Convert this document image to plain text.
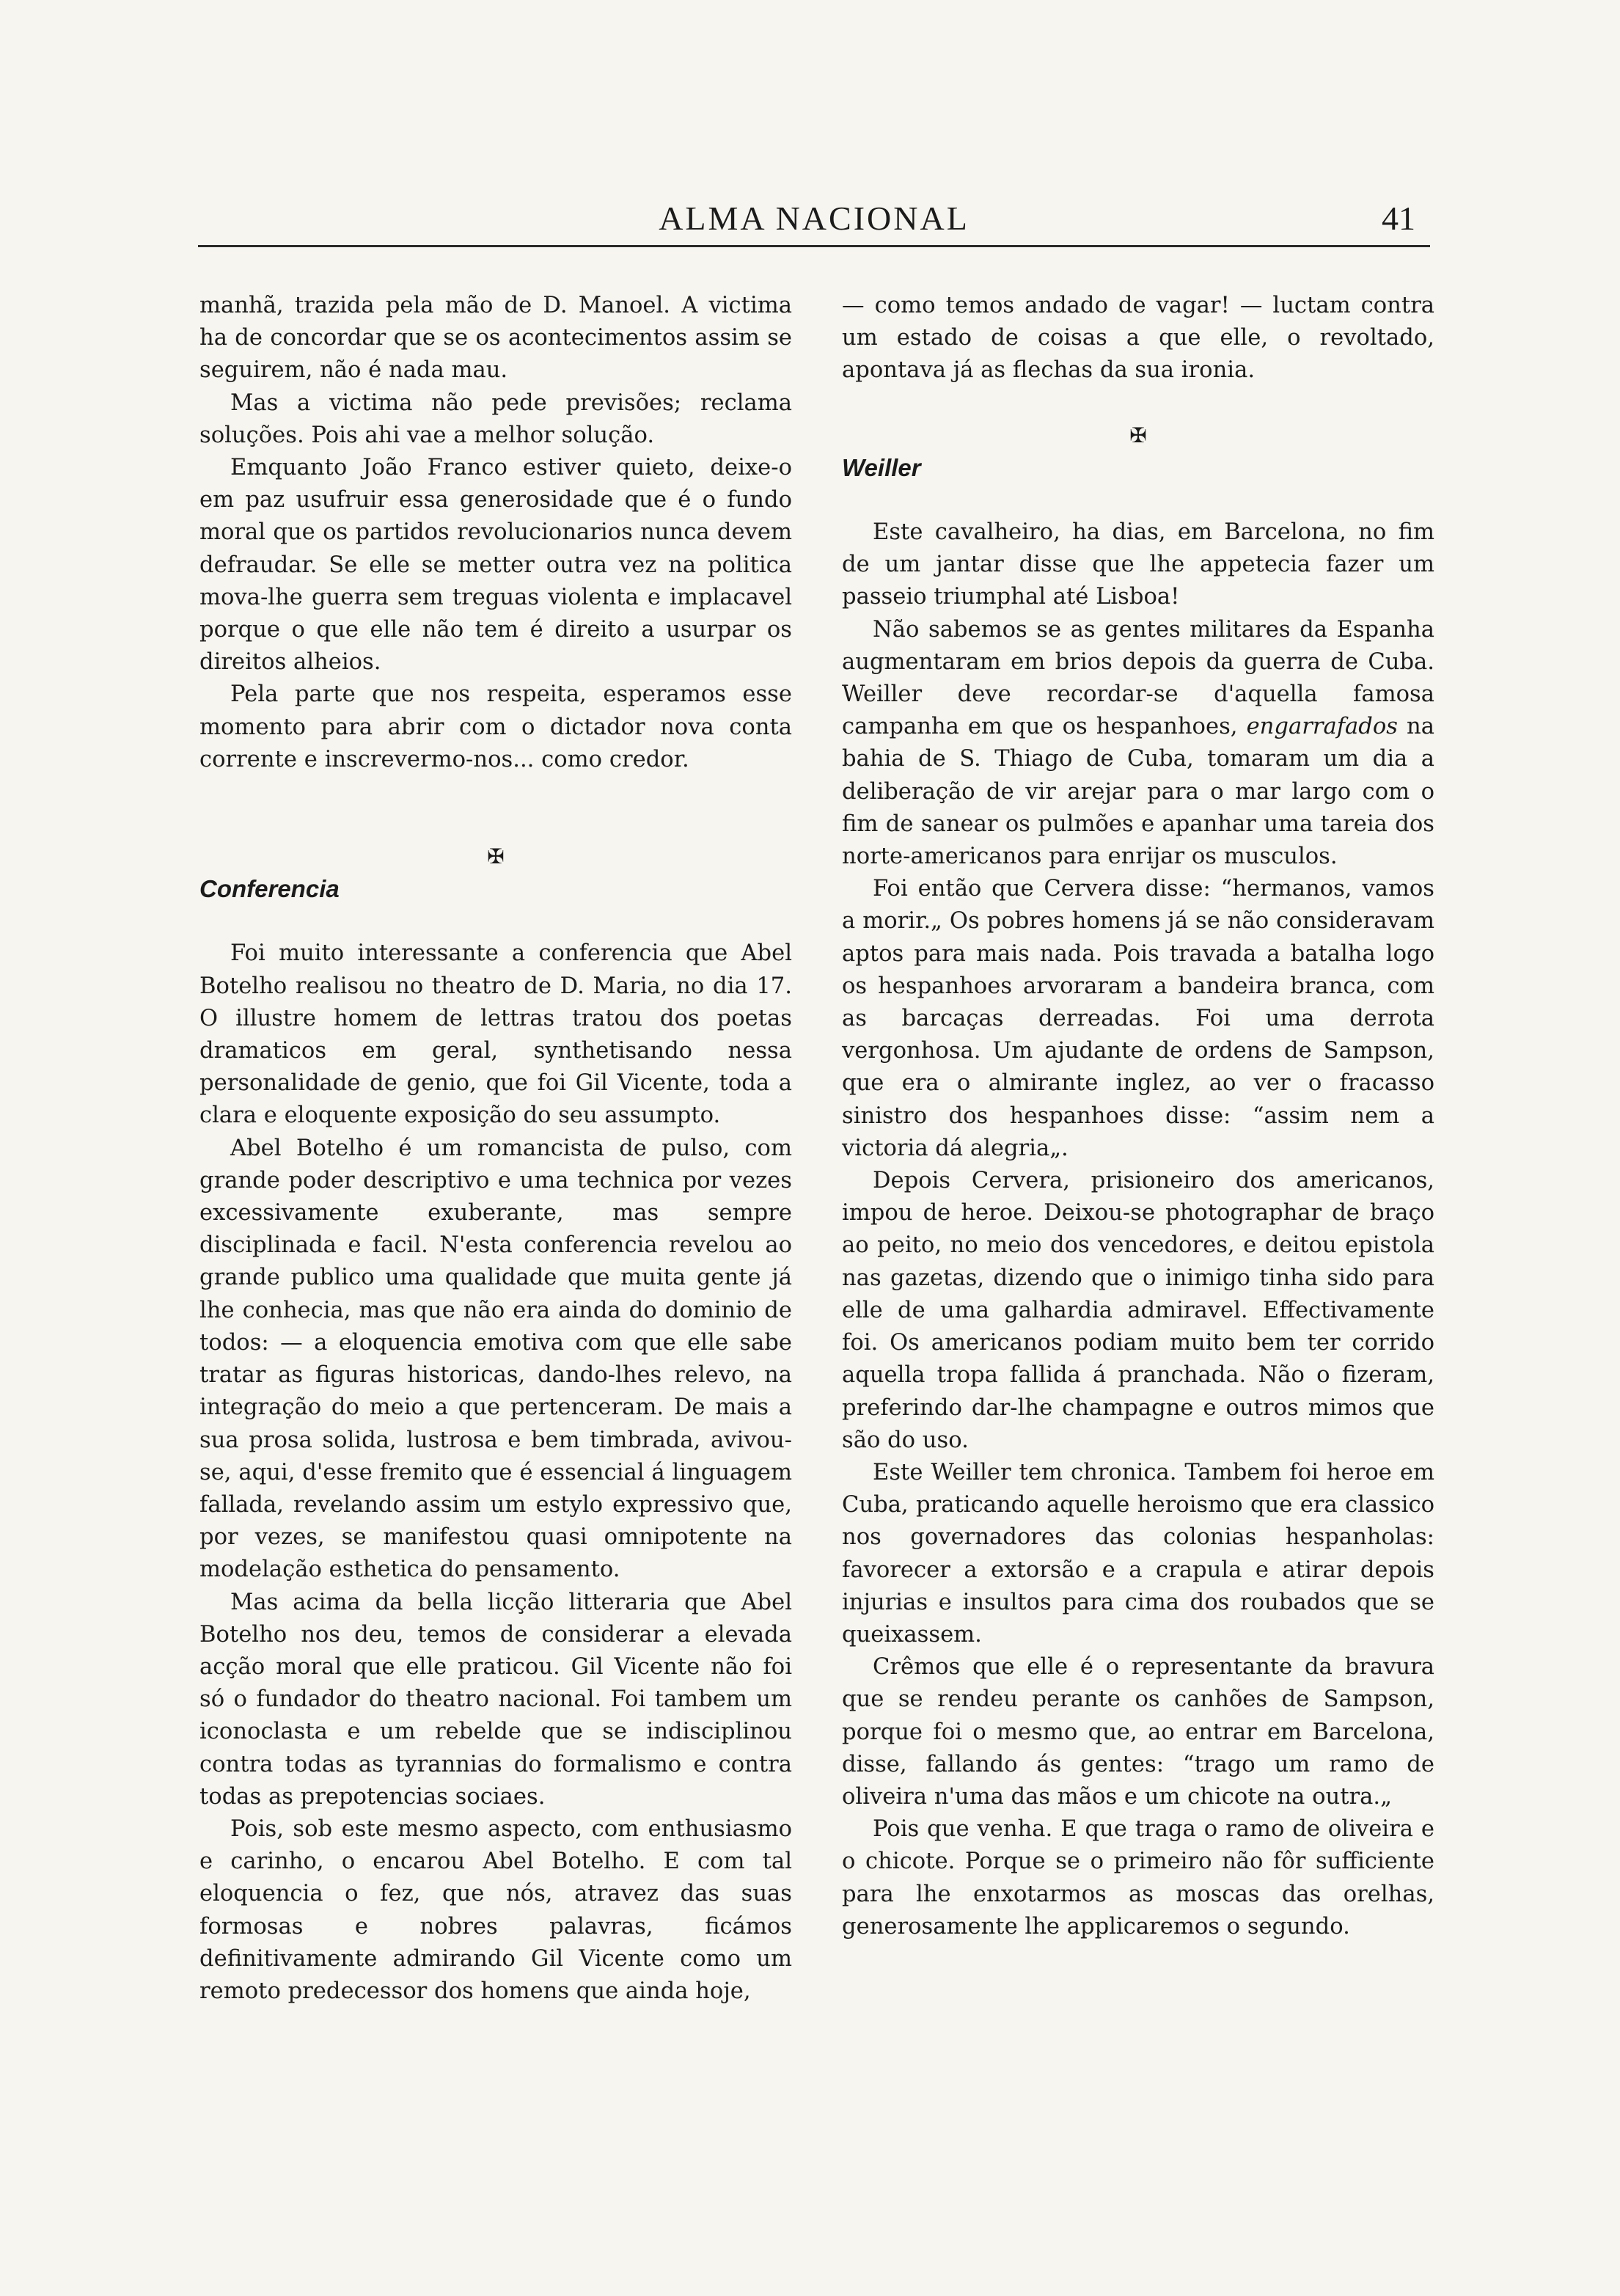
ALMA NACIONAL	41

manhã, trazida pela mão de D. Manoel. A victima ha de concordar que se os acontecimentos assim se seguirem, não é nada mau.

Mas a victima não pede previsões; reclama soluções. Pois ahi vae a melhor solução.

Emquanto João Franco estiver quieto, deixe-o em paz usufruir essa generosidade que é o fundo moral que os partidos revolucionarios nunca devem defraudar. Se elle se metter outra vez na politica mova-lhe guerra sem treguas violenta e implacavel porque o que elle não tem é direito a usurpar os direitos alheios.

Pela parte que nos respeita, esperamos esse momento para abrir com o dictador nova conta corrente e inscrevermo-nos... como credor.

✠
Conferencia

Foi muito interessante a conferencia que Abel Botelho realisou no theatro de D. Maria, no dia 17. O illustre homem de lettras tratou dos poetas dramaticos em geral, synthetisando nessa personalidade de genio, que foi Gil Vicente, toda a clara e eloquente exposição do seu assumpto.

Abel Botelho é um romancista de pulso, com grande poder descriptivo e uma technica por vezes excessivamente exuberante, mas sempre disciplinada e facil. N'esta conferencia revelou ao grande publico uma qualidade que muita gente já lhe conhecia, mas que não era ainda do dominio de todos: — a eloquencia emotiva com que elle sabe tratar as figuras historicas, dando-lhes relevo, na integração do meio a que pertenceram. De mais a sua prosa solida, lustrosa e bem timbrada, avivou-se, aqui, d'esse fremito que é essencial á linguagem fallada, revelando assim um estylo expressivo que, por vezes, se manifestou quasi omnipotente na modelação esthetica do pensamento.

Mas acima da bella licção litteraria que Abel Botelho nos deu, temos de considerar a elevada acção moral que elle praticou. Gil Vicente não foi só o fundador do theatro nacional. Foi tambem um iconoclasta e um rebelde que se indisciplinou contra todas as tyrannias do formalismo e contra todas as prepotencias sociaes.

Pois, sob este mesmo aspecto, com enthusiasmo e carinho, o encarou Abel Botelho. E com tal eloquencia o fez, que nós, atravez das suas formosas e nobres palavras, ficámos definitivamente admirando Gil Vicente como um remoto predecessor dos homens que ainda hoje,

— como temos andado de vagar! — luctam contra um estado de coisas a que elle, o revoltado, apontava já as flechas da sua ironia.

✠
Weiller

Este cavalheiro, ha dias, em Barcelona, no fim de um jantar disse que lhe appetecia fazer um passeio triumphal até Lisboa!

Não sabemos se as gentes militares da Espanha augmentaram em brios depois da guerra de Cuba. Weiller deve recordar-se d'aquella famosa campanha em que os hespanhoes, engarrafados na bahia de S. Thiago de Cuba, tomaram um dia a deliberação de vir arejar para o mar largo com o fim de sanear os pulmões e apanhar uma tareia dos norte-americanos para enrijar os musculos.

Foi então que Cervera disse: “hermanos, vamos a morir.„ Os pobres homens já se não consideravam aptos para mais nada. Pois travada a batalha logo os hespanhoes arvoraram a bandeira branca, com as barcaças derreadas. Foi uma derrota vergonhosa. Um ajudante de ordens de Sampson, que era o almirante inglez, ao ver o fracasso sinistro dos hespanhoes disse: “assim nem a victoria dá alegria„.

Depois Cervera, prisioneiro dos americanos, impou de heroe. Deixou-se photographar de braço ao peito, no meio dos vencedores, e deitou epistola nas gazetas, dizendo que o inimigo tinha sido para elle de uma galhardia admiravel. Effectivamente foi. Os americanos podiam muito bem ter corrido aquella tropa fallida á pranchada. Não o fizeram, preferindo dar-lhe champagne e outros mimos que são do uso.

Este Weiller tem chronica. Tambem foi heroe em Cuba, praticando aquelle heroismo que era classico nos governadores das colonias hespanholas: favorecer a extorsão e a crapula e atirar depois injurias e insultos para cima dos roubados que se queixassem.

Crêmos que elle é o representante da bravura que se rendeu perante os canhões de Sampson, porque foi o mesmo que, ao entrar em Barcelona, disse, fallando ás gentes: “trago um ramo de oliveira n'uma das mãos e um chicote na outra.„

Pois que venha. E que traga o ramo de oliveira e o chicote. Porque se o primeiro não fôr sufficiente para lhe enxotarmos as moscas das orelhas, generosamente lhe applicaremos o segundo.
